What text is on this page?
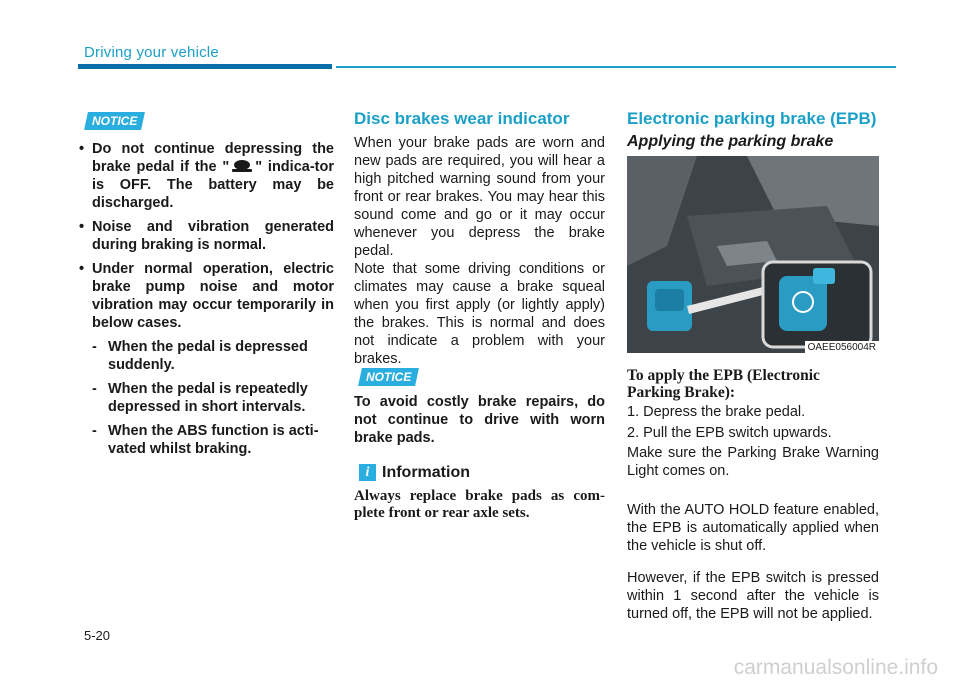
Driving your vehicle
NOTICE
• Do not continue depressing the brake pedal if the " " indica-tor is OFF. The battery may be discharged.
• Noise and vibration generated during braking is normal.
• Under normal operation, electric brake pump noise and motor vibration may occur temporarily in below cases.
- When the pedal is depressed suddenly.
- When the pedal is repeatedly depressed in short intervals.
- When the ABS function is acti-vated whilst braking.
Disc brakes wear indicator
When your brake pads are worn and new pads are required, you will hear a high pitched warning sound from your front or rear brakes. You may hear this sound come and go or it may occur whenever you depress the brake pedal.
Note that some driving conditions or climates may cause a brake squeal when you first apply (or lightly apply) the brakes. This is normal and does not indicate a problem with your brakes.
NOTICE
To avoid costly brake repairs, do not continue to drive with worn brake pads.
i Information
Always replace brake pads as com-plete front or rear axle sets.
Electronic parking brake (EPB)
Applying the parking brake
OAEE056004R
To apply the EPB (Electronic Parking Brake):
1. Depress the brake pedal.
2. Pull the EPB switch upwards.
Make sure the Parking Brake Warning Light comes on.
With the AUTO HOLD feature enabled, the EPB is automatically applied when the vehicle is shut off.
However, if the EPB switch is pressed within 1 second after the vehicle is turned off, the EPB will not be applied.
5-20
carmanualsonline.info
